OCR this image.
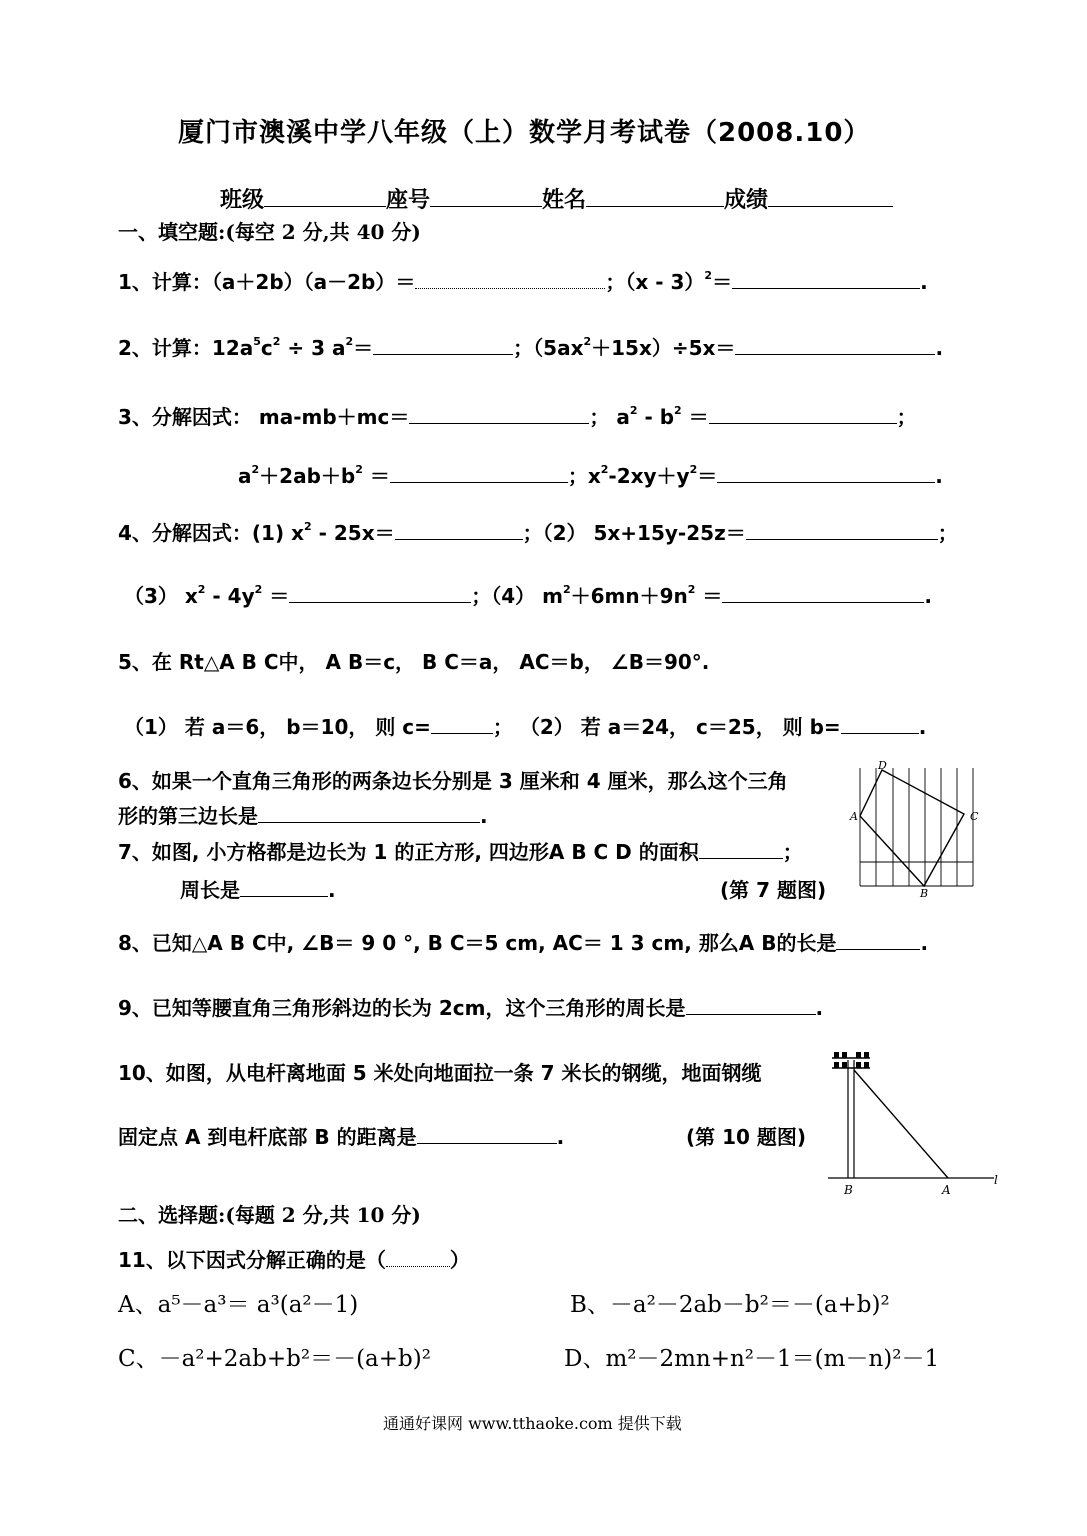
厦门市澳溪中学八年级（上）数学月考试卷（2008.10）
班级	座号	姓名	成绩
一、填空题:(每空 2 分,共 40 分)
1、计算：（a＋2b）（a－2b）＝	；（x - 3）$^2$＝	.
2、计算：$12a^5c^2 \div 3$ $a^2=$	；$(5ax^2+15x)\div 5x=$	.
3、分解因式： ma-mb＋mc＝	； $a^2 - b^2$ ＝	；
$a^2+2ab+b^2$ ＝	；$x^2-2xy+y^2=$	.
4、分解因式：(1) $x^2 - 25x=$	；（2） 5x+15y-25z＝	；
（3） $x^2 - 4y^2$ ＝	；（4） $m^2+6mn+9n^2$ ＝	.
5、在 Rt△A B C中， A B＝c， B C＝a， AC＝b， ∠B＝90°.
（1） 若 a＝6， b＝10， 则 c=	； （2） 若 a＝24， c＝25， 则 b=	.
6、如果一个直角三角形的两条边长分别是 3 厘米和 4 厘米，那么这个三角
形的第三边长是	.
7、如图, 小方格都是边长为 1 的正方形, 四边形A B C D 的面积	；
周长是	.	(第 7 题图)
D
A	C
B
8、已知△A B C中, ∠B＝ 9 0 °, B C＝5 cm, AC＝ 1 3 cm, 那么A B的长是	.
9、已知等腰直角三角形斜边的长为 2cm，这个三角形的周长是	.
10、如图，从电杆离地面 5 米处向地面拉一条 7 米长的钢缆，地面钢缆
固定点 A 到电杆底部 B 的距离是	.	(第 10 题图)
B	A
l
二、选择题:(每题 2 分,共 10 分)
11、以下因式分解正确的是（	）
A、a⁵－a³＝ a³(a²－1)	B、－a²－2ab－b²＝－(a+b)²
C、－a²+2ab+b²＝－(a+b)²	D、m²－2mn+n²－1＝(m－n)²－1
通通好课网 www.tthaoke.com 提供下载
